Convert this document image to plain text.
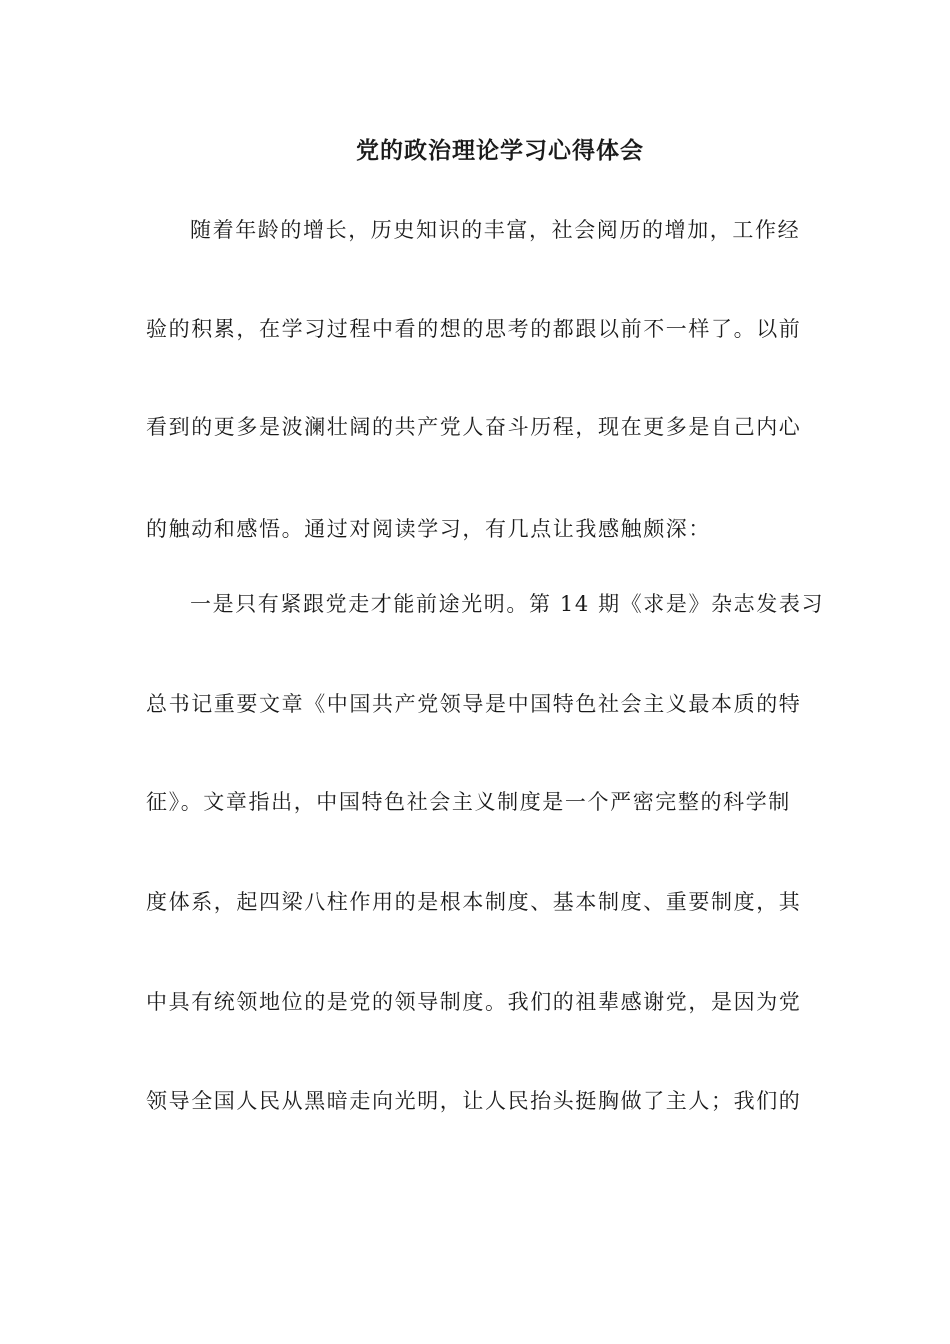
党的政治理论学习心得体会
随着年龄的增长，历史知识的丰富，社会阅历的增加，工作经
验的积累，在学习过程中看的想的思考的都跟以前不一样了。以前
看到的更多是波澜壮阔的共产党人奋斗历程，现在更多是自己内心
的触动和感悟。通过对阅读学习，有几点让我感触颇深：
一是只有紧跟党走才能前途光明。第 14 期《求是》杂志发表习
总书记重要文章《中国共产党领导是中国特色社会主义最本质的特
征》。文章指出，中国特色社会主义制度是一个严密完整的科学制
度体系，起四梁八柱作用的是根本制度、基本制度、重要制度，其
中具有统领地位的是党的领导制度。我们的祖辈感谢党，是因为党
领导全国人民从黑暗走向光明，让人民抬头挺胸做了主人；我们的
